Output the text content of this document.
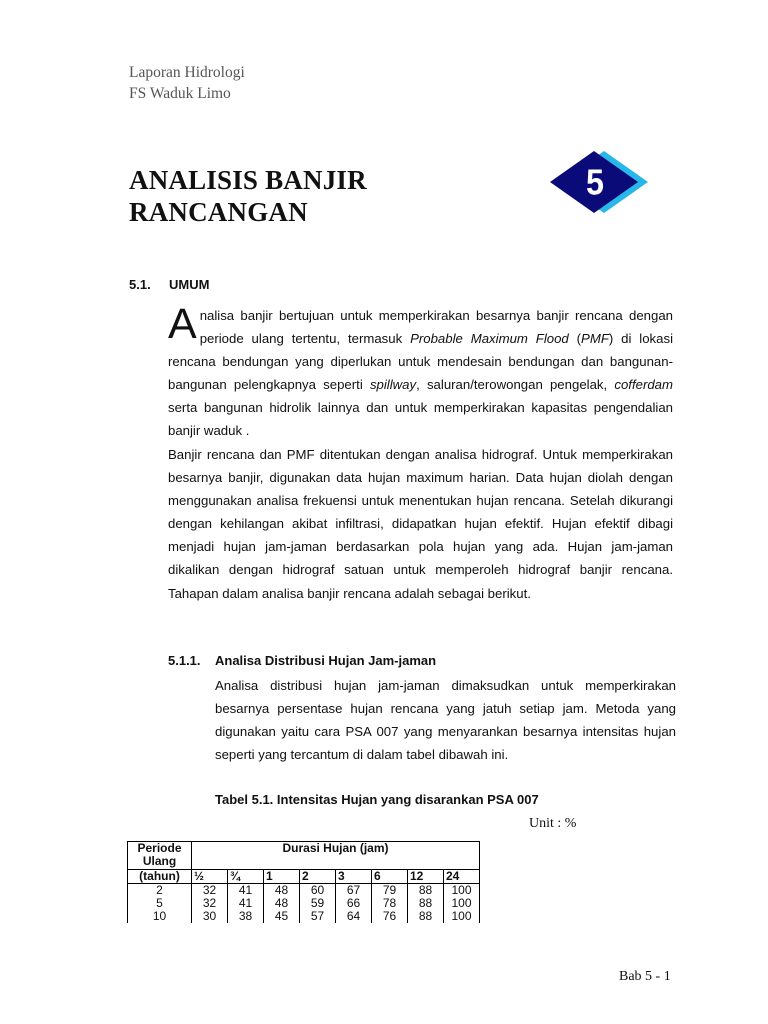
Laporan Hidrologi
FS Waduk Limo
ANALISIS BANJIR
RANCANGAN
5
5.1. UMUM

Analisa banjir bertujuan untuk memperkirakan besarnya banjir rencana dengan periode ulang tertentu, termasuk Probable Maximum Flood (PMF) di lokasi rencana bendungan yang diperlukan untuk mendesain bendungan dan bangunan-bangunan pelengkapnya seperti spillway, saluran/terowongan pengelak, cofferdam serta bangunan hidrolik lainnya dan untuk memperkirakan kapasitas pengendalian banjir waduk .

Banjir rencana dan PMF ditentukan dengan analisa hidrograf. Untuk memperkirakan besarnya banjir, digunakan data hujan maximum harian. Data hujan diolah dengan menggunakan analisa frekuensi untuk menentukan hujan rencana. Setelah dikurangi dengan kehilangan akibat infiltrasi, didapatkan hujan efektif. Hujan efektif dibagi menjadi hujan jam-jaman berdasarkan pola hujan yang ada. Hujan jam-jaman dikalikan dengan hidrograf satuan untuk memperoleh hidrograf banjir rencana. Tahapan dalam analisa banjir rencana adalah sebagai berikut.

5.1.1. Analisa Distribusi Hujan Jam-jaman

Analisa distribusi hujan jam-jaman dimaksudkan untuk memperkirakan besarnya persentase hujan rencana yang jatuh setiap jam. Metoda yang digunakan yaitu cara PSA 007 yang menyarankan besarnya intensitas hujan seperti yang tercantum di dalam tabel dibawah ini.

Tabel 5.1. Intensitas Hujan yang disarankan PSA 007
Unit : %
Periode
Ulang	Durasi Hujan (jam)							
(tahun)	½	¾	1	2	3	6	12	24
2	32	41	48	60	67	79	88	100
5	32	41	48	59	66	78	88	100
10	30	38	45	57	64	76	88	100
Bab 5 - 1
